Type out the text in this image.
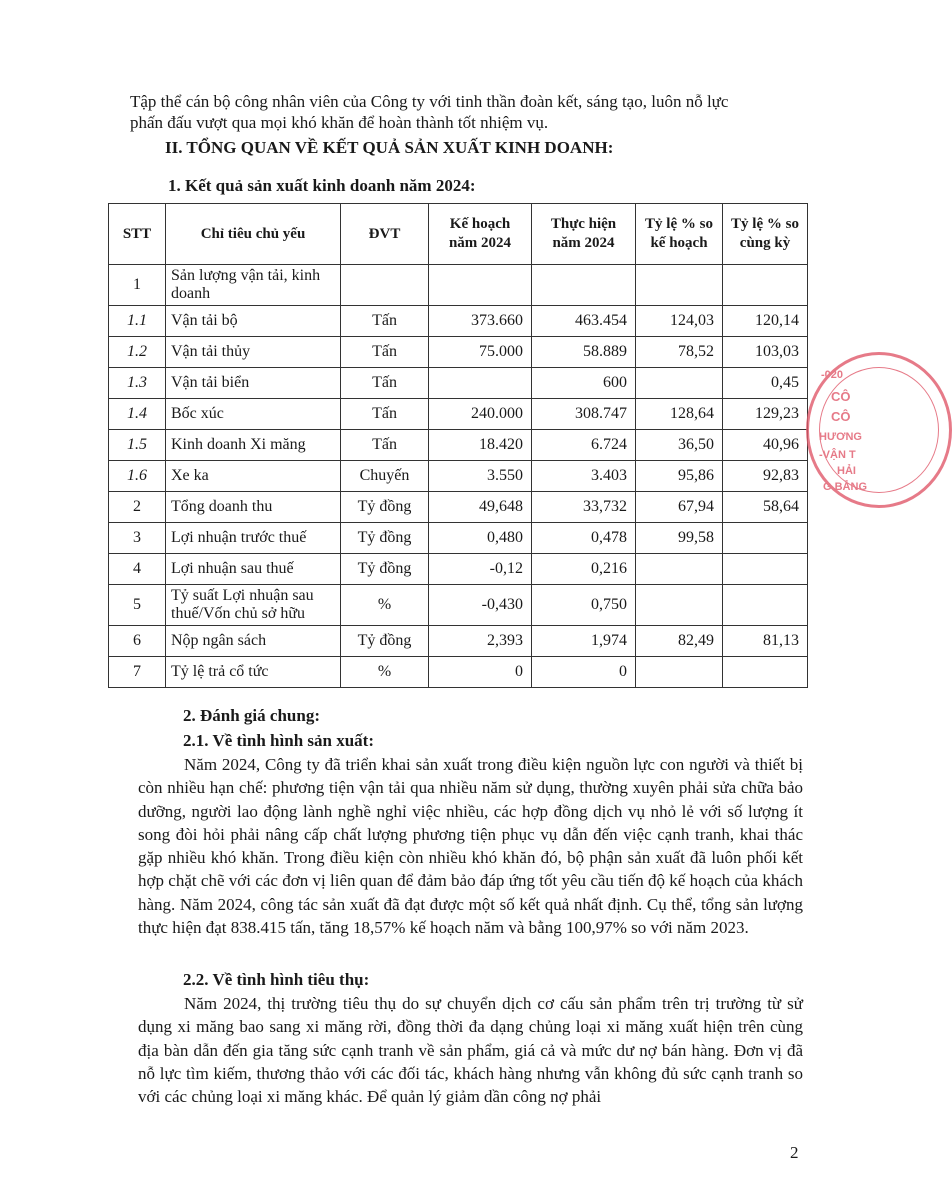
Tập thể cán bộ công nhân viên của Công ty với tinh thần đoàn kết, sáng tạo, luôn nỗ lực
phấn đấu vượt qua mọi khó khăn để hoàn thành tốt nhiệm vụ.
II. TỔNG QUAN VỀ KẾT QUẢ SẢN XUẤT KINH DOANH:
1. Kết quả sản xuất kinh doanh năm 2024:
STT	Chỉ tiêu chủ yếu	ĐVT	Kế hoạch năm 2024	Thực hiện năm 2024	Tỷ lệ % so kế hoạch	Tỷ lệ % so cùng kỳ
1	Sản lượng vận tải, kinh doanh					
1.1	Vận tải bộ	Tấn	373.660	463.454	124,03	120,14
1.2	Vận tải thủy	Tấn	75.000	58.889	78,52	103,03
1.3	Vận tải biển	Tấn		600		0,45
1.4	Bốc xúc	Tấn	240.000	308.747	128,64	129,23
1.5	Kinh doanh Xi măng	Tấn	18.420	6.724	36,50	40,96
1.6	Xe ka	Chuyến	3.550	3.403	95,86	92,83
2	Tổng doanh thu	Tỷ đồng	49,648	33,732	67,94	58,64
3	Lợi nhuận trước thuế	Tỷ đồng	0,480	0,478	99,58	
4	Lợi nhuận sau thuế	Tỷ đồng	-0,12	0,216		
5	Tỷ suất Lợi nhuận sau thuế/Vốn chủ sở hữu	%	-0,430	0,750		
6	Nộp ngân sách	Tỷ đồng	2,393	1,974	82,49	81,13
7	Tỷ lệ trả cổ tức	%	0	0		
2. Đánh giá chung:
2.1. Về tình hình sản xuất:
Năm 2024, Công ty đã triển khai sản xuất trong điều kiện nguồn lực con người và thiết bị còn nhiều hạn chế: phương tiện vận tải qua nhiều năm sử dụng, thường xuyên phải sửa chữa bảo dưỡng, người lao động lành nghề nghỉ việc nhiều, các hợp đồng dịch vụ nhỏ lẻ với số lượng ít song đòi hỏi phải nâng cấp chất lượng phương tiện phục vụ dẫn đến việc cạnh tranh, khai thác gặp nhiều khó khăn. Trong điều kiện còn nhiều khó khăn đó, bộ phận sản xuất đã luôn phối kết hợp chặt chẽ với các đơn vị liên quan để đảm bảo đáp ứng tốt yêu cầu tiến độ kế hoạch của khách hàng. Năm 2024, công tác sản xuất đã đạt được một số kết quả nhất định. Cụ thể, tổng sản lượng thực hiện đạt 838.415 tấn, tăng 18,57% kế hoạch năm và bằng 100,97% so với năm 2023.
2.2. Về tình hình tiêu thụ:
Năm 2024, thị trường tiêu thụ do sự chuyển dịch cơ cấu sản phẩm trên trị trường từ sử dụng xi măng bao sang xi măng rời, đồng thời đa dạng chủng loại xi măng xuất hiện trên cùng địa bàn dẫn đến gia tăng sức cạnh tranh về sản phẩm, giá cả và mức dư nợ bán hàng. Đơn vị đã nỗ lực tìm kiếm, thương thảo với các đối tác, khách hàng nhưng vẫn không đủ sức cạnh tranh so với các chủng loại xi măng khác. Để quản lý giảm dần công nợ phải
2
-020
CÔ
CÔ
HƯƠNG
-VẬN T
HẢI
G BẢNG
